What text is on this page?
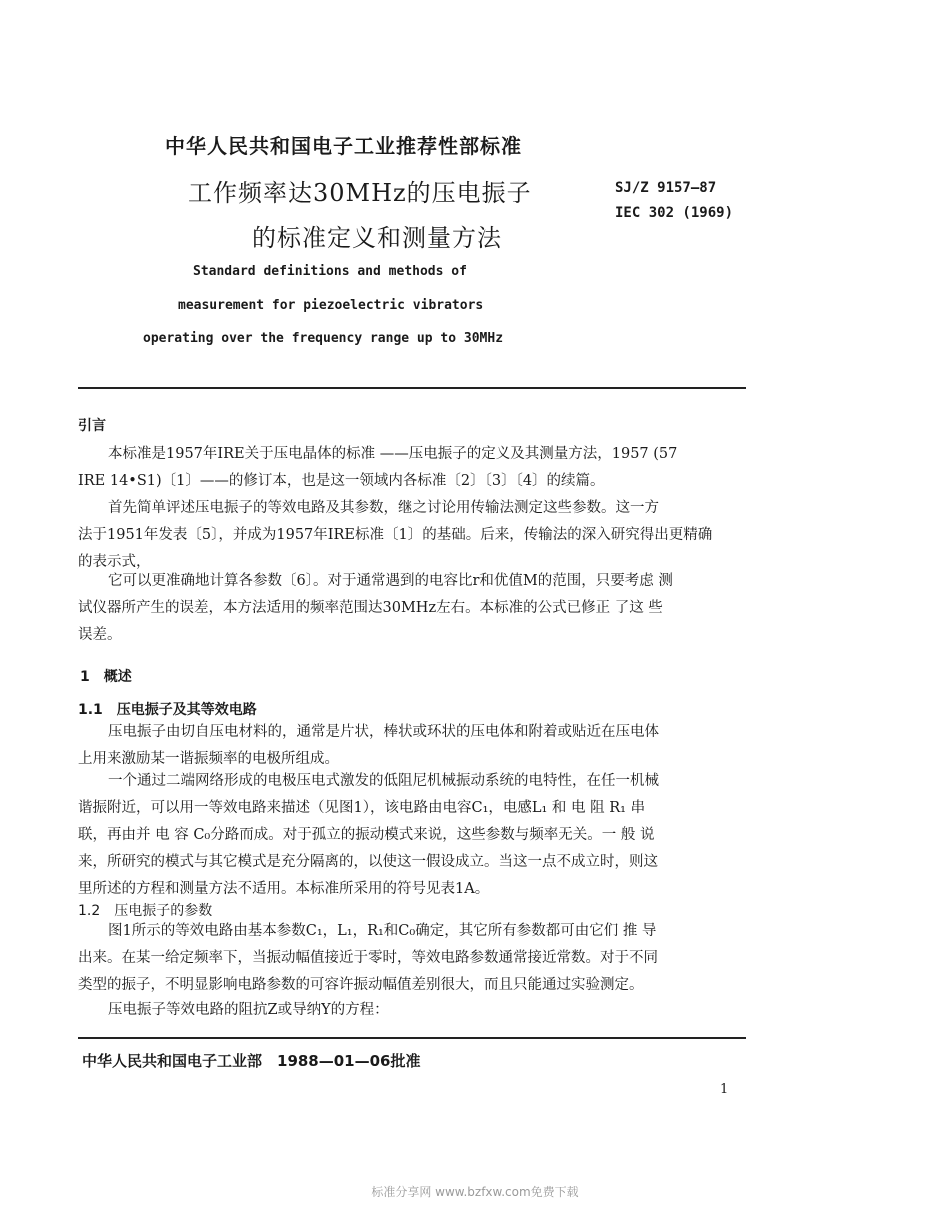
中华人民共和国电子工业推荐性部标准
工作频率达30MHz的压电振子
的标准定义和测量方法
SJ/Z 9157—87
IEC 302 (1969)
Standard definitions and methods of
measurement for piezoelectric vibrators
operating over the frequency range up to 30MHz
引言
本标准是1957年IRE关于压电晶体的标准 ——压电振子的定义及其测量方法，1957 (57
IRE 14•S1)〔1〕——的修订本，也是这一领域内各标准〔2〕〔3〕〔4〕的续篇。
首先简单评述压电振子的等效电路及其参数，继之讨论用传输法测定这些参数。这一方
法于1951年发表〔5〕，并成为1957年IRE标准〔1〕的基础。后来，传输法的深入研究得出更精确
的表示式，
它可以更准确地计算各参数〔6〕。对于通常遇到的电容比r和优值M的范围，只要考虑 测
试仪器所产生的误差，本方法适用的频率范围达30MHz左右。本标准的公式已修正 了这 些
误差。
1　概述
1.1　压电振子及其等效电路
压电振子由切自压电材料的，通常是片状，棒状或环状的压电体和附着或贴近在压电体
上用来激励某一谐振频率的电极所组成。
一个通过二端网络形成的电极压电式激发的低阻尼机械振动系统的电特性，在任一机械
谐振附近，可以用一等效电路来描述（见图1），该电路由电容C₁，电感L₁ 和 电 阻 R₁ 串
联，再由并 电 容 C₀分路而成。对于孤立的振动模式来说，这些参数与频率无关。一 般 说
来，所研究的模式与其它模式是充分隔离的，以使这一假设成立。当这一点不成立时，则这
里所述的方程和测量方法不适用。本标准所采用的符号见表1A。
1.2　压电振子的参数
图1所示的等效电路由基本参数C₁，L₁，R₁和C₀确定，其它所有参数都可由它们 推 导
出来。在某一给定频率下，当振动幅值接近于零时，等效电路参数通常接近常数。对于不同
类型的振子，不明显影响电路参数的可容许振动幅值差别很大，而且只能通过实验测定。
压电振子等效电路的阻抗Z或导纳Y的方程：
中华人民共和国电子工业部　1988—01—06批准
1
标准分享网 www.bzfxw.com免费下载
